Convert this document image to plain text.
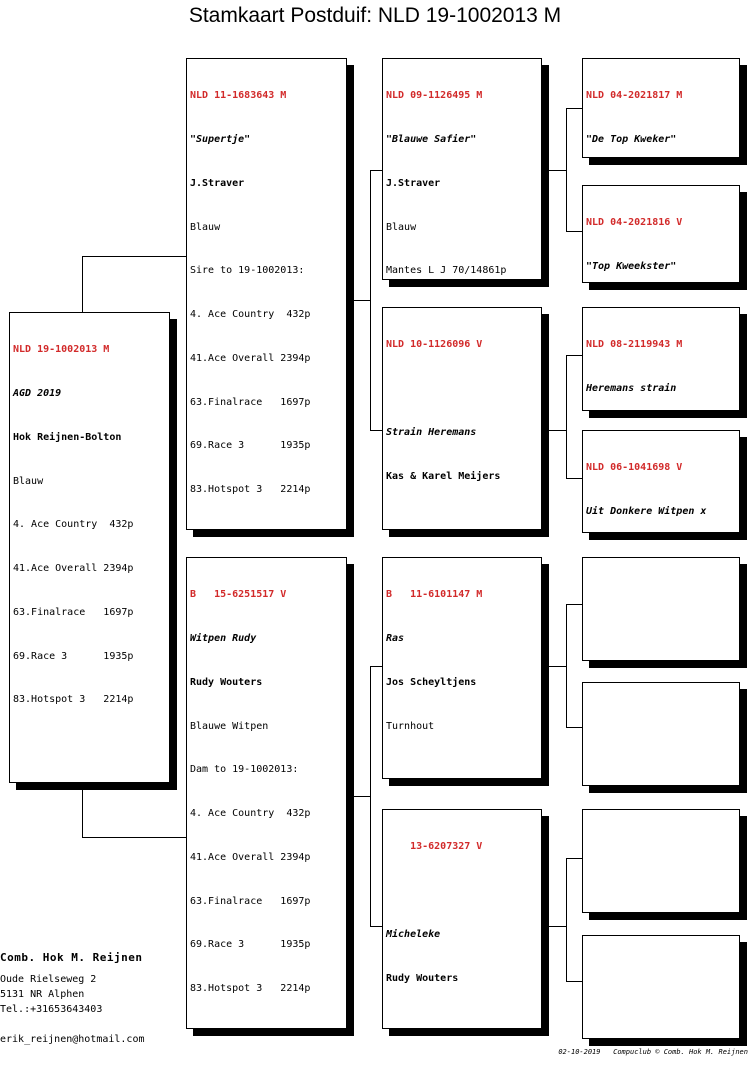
Stamkaart Postduif: NLD 19-1002013 M

NLD 19-1002013 M

AGD 2019

Hok Reijnen-Bolton

Blauw

4. Ace Country  432p

41.Ace Overall 2394p

63.Finalrace   1697p

69.Race 3      1935p

83.Hotspot 3   2214p

NLD 11-1683643 M

"Supertje"

J.Straver

Blauw

Sire to 19-1002013:

4. Ace Country  432p

41.Ace Overall 2394p

63.Finalrace   1697p

69.Race 3      1935p

83.Hotspot 3   2214p

B   15-6251517 V

Witpen Rudy

Rudy Wouters

Blauwe Witpen

Dam to 19-1002013:

4. Ace Country  432p

41.Ace Overall 2394p

63.Finalrace   1697p

69.Race 3      1935p

83.Hotspot 3   2214p

NLD 09-1126495 M

"Blauwe Safier"

J.Straver

Blauw

Mantes L J 70/14861p

NLD 10-1126096 V

Strain Heremans

Kas & Karel Meijers

B   11-6101147 M

Ras

Jos Scheyltjens

Turnhout

13-6207327 V

Micheleke

Rudy Wouters

NLD 04-2021817 M

"De Top Kweker"

NLD 04-2021816 V

"Top Kweekster"

NLD 08-2119943 M

Heremans strain

NLD 06-1041698 V

Uit Donkere Witpen x

Comb. Hok M. Reijnen
Oude Rielseweg 2
5131 NR Alphen
Tel.:+31653643403
erik_reijnen@hotmail.com
02-10-2019   Compuclub © Comb. Hok M. Reijnen
